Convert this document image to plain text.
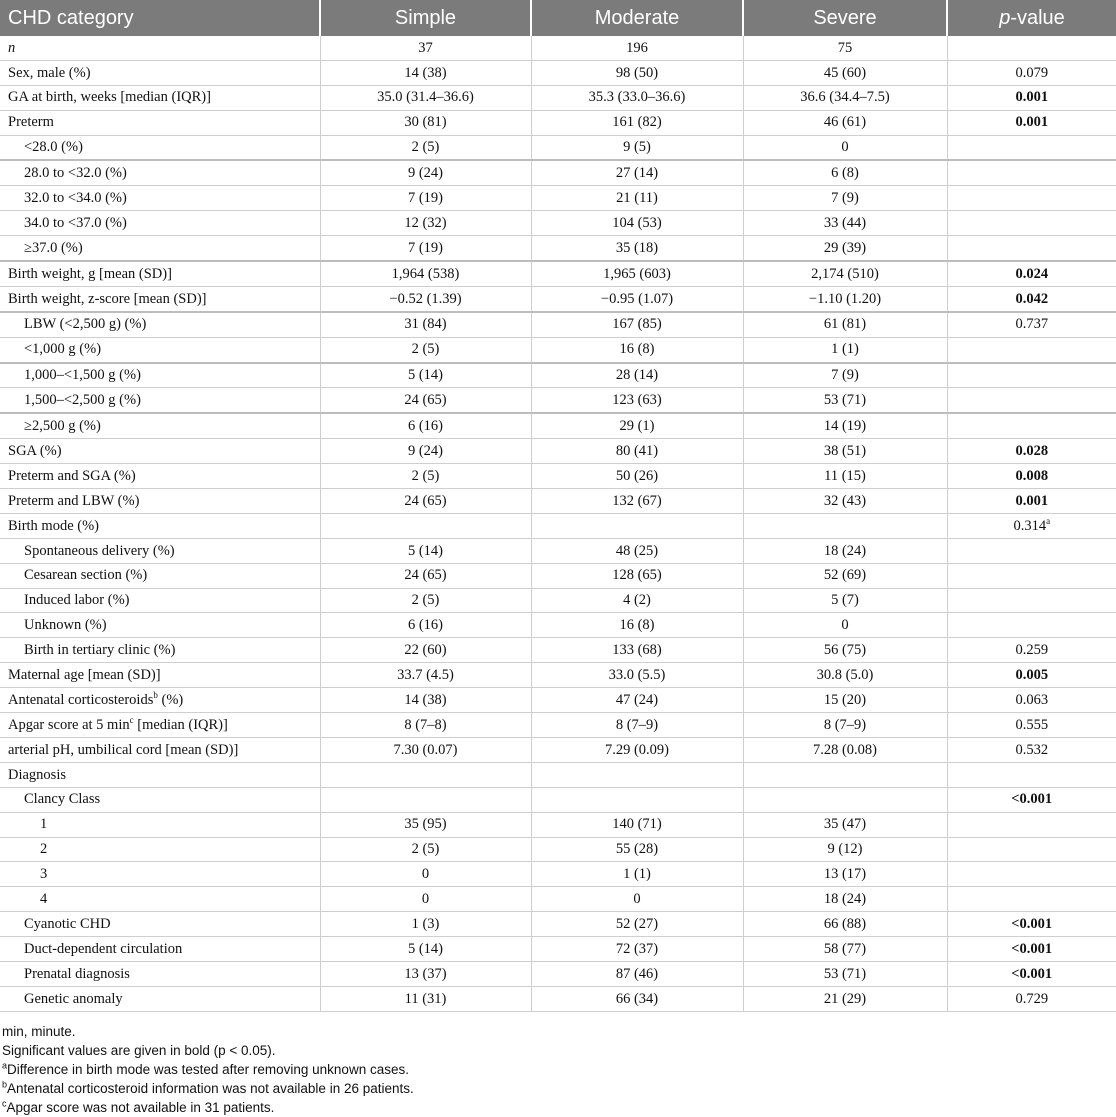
CHD category	Simple	Moderate	Severe	p-value
n	37	196	75	
Sex, male (%)	14 (38)	98 (50)	45 (60)	0.079
GA at birth, weeks [median (IQR)]	35.0 (31.4–36.6)	35.3 (33.0–36.6)	36.6 (34.4–7.5)	0.001
Preterm	30 (81)	161 (82)	46 (61)	0.001
<28.0 (%)	2 (5)	9 (5)	0	
28.0 to <32.0 (%)	9 (24)	27 (14)	6 (8)	
32.0 to <34.0 (%)	7 (19)	21 (11)	7 (9)	
34.0 to <37.0 (%)	12 (32)	104 (53)	33 (44)	
≥37.0 (%)	7 (19)	35 (18)	29 (39)	
Birth weight, g [mean (SD)]	1,964 (538)	1,965 (603)	2,174 (510)	0.024
Birth weight, z-score [mean (SD)]	−0.52 (1.39)	−0.95 (1.07)	−1.10 (1.20)	0.042
LBW (<2,500 g) (%)	31 (84)	167 (85)	61 (81)	0.737
<1,000 g (%)	2 (5)	16 (8)	1 (1)	
1,000–<1,500 g (%)	5 (14)	28 (14)	7 (9)	
1,500–<2,500 g (%)	24 (65)	123 (63)	53 (71)	
≥2,500 g (%)	6 (16)	29 (1)	14 (19)	
SGA (%)	9 (24)	80 (41)	38 (51)	0.028
Preterm and SGA (%)	2 (5)	50 (26)	11 (15)	0.008
Preterm and LBW (%)	24 (65)	132 (67)	32 (43)	0.001
Birth mode (%)				0.314$^a$
Spontaneous delivery (%)	5 (14)	48 (25)	18 (24)	
Cesarean section (%)	24 (65)	128 (65)	52 (69)	
Induced labor (%)	2 (5)	4 (2)	5 (7)	
Unknown (%)	6 (16)	16 (8)	0	
Birth in tertiary clinic (%)	22 (60)	133 (68)	56 (75)	0.259
Maternal age [mean (SD)]	33.7 (4.5)	33.0 (5.5)	30.8 (5.0)	0.005
Antenatal corticosteroids$^b$ (%)	14 (38)	47 (24)	15 (20)	0.063
Apgar score at 5 $\min^c$ [median (IQR)]	8 (7–8)	8 (7–9)	8 (7–9)	0.555
arterial pH, umbilical cord [mean (SD)]	7.30 (0.07)	7.29 (0.09)	7.28 (0.08)	0.532
Diagnosis				
Clancy Class				<0.001
1	35 (95)	140 (71)	35 (47)	
2	2 (5)	55 (28)	9 (12)	
3	0	1 (1)	13 (17)	
4	0	0	18 (24)	
Cyanotic CHD	1 (3)	52 (27)	66 (88)	<0.001
Duct-dependent circulation	5 (14)	72 (37)	58 (77)	<0.001
Prenatal diagnosis	13 (37)	87 (46)	53 (71)	<0.001
Genetic anomaly	11 (31)	66 (34)	21 (29)	0.729
min, minute.
Significant values are given in bold (p < 0.05).
$^a$Difference in birth mode was tested after removing unknown cases.
$^b$Antenatal corticosteroid information was not available in 26 patients.
$^c$Apgar score was not available in 31 patients.
